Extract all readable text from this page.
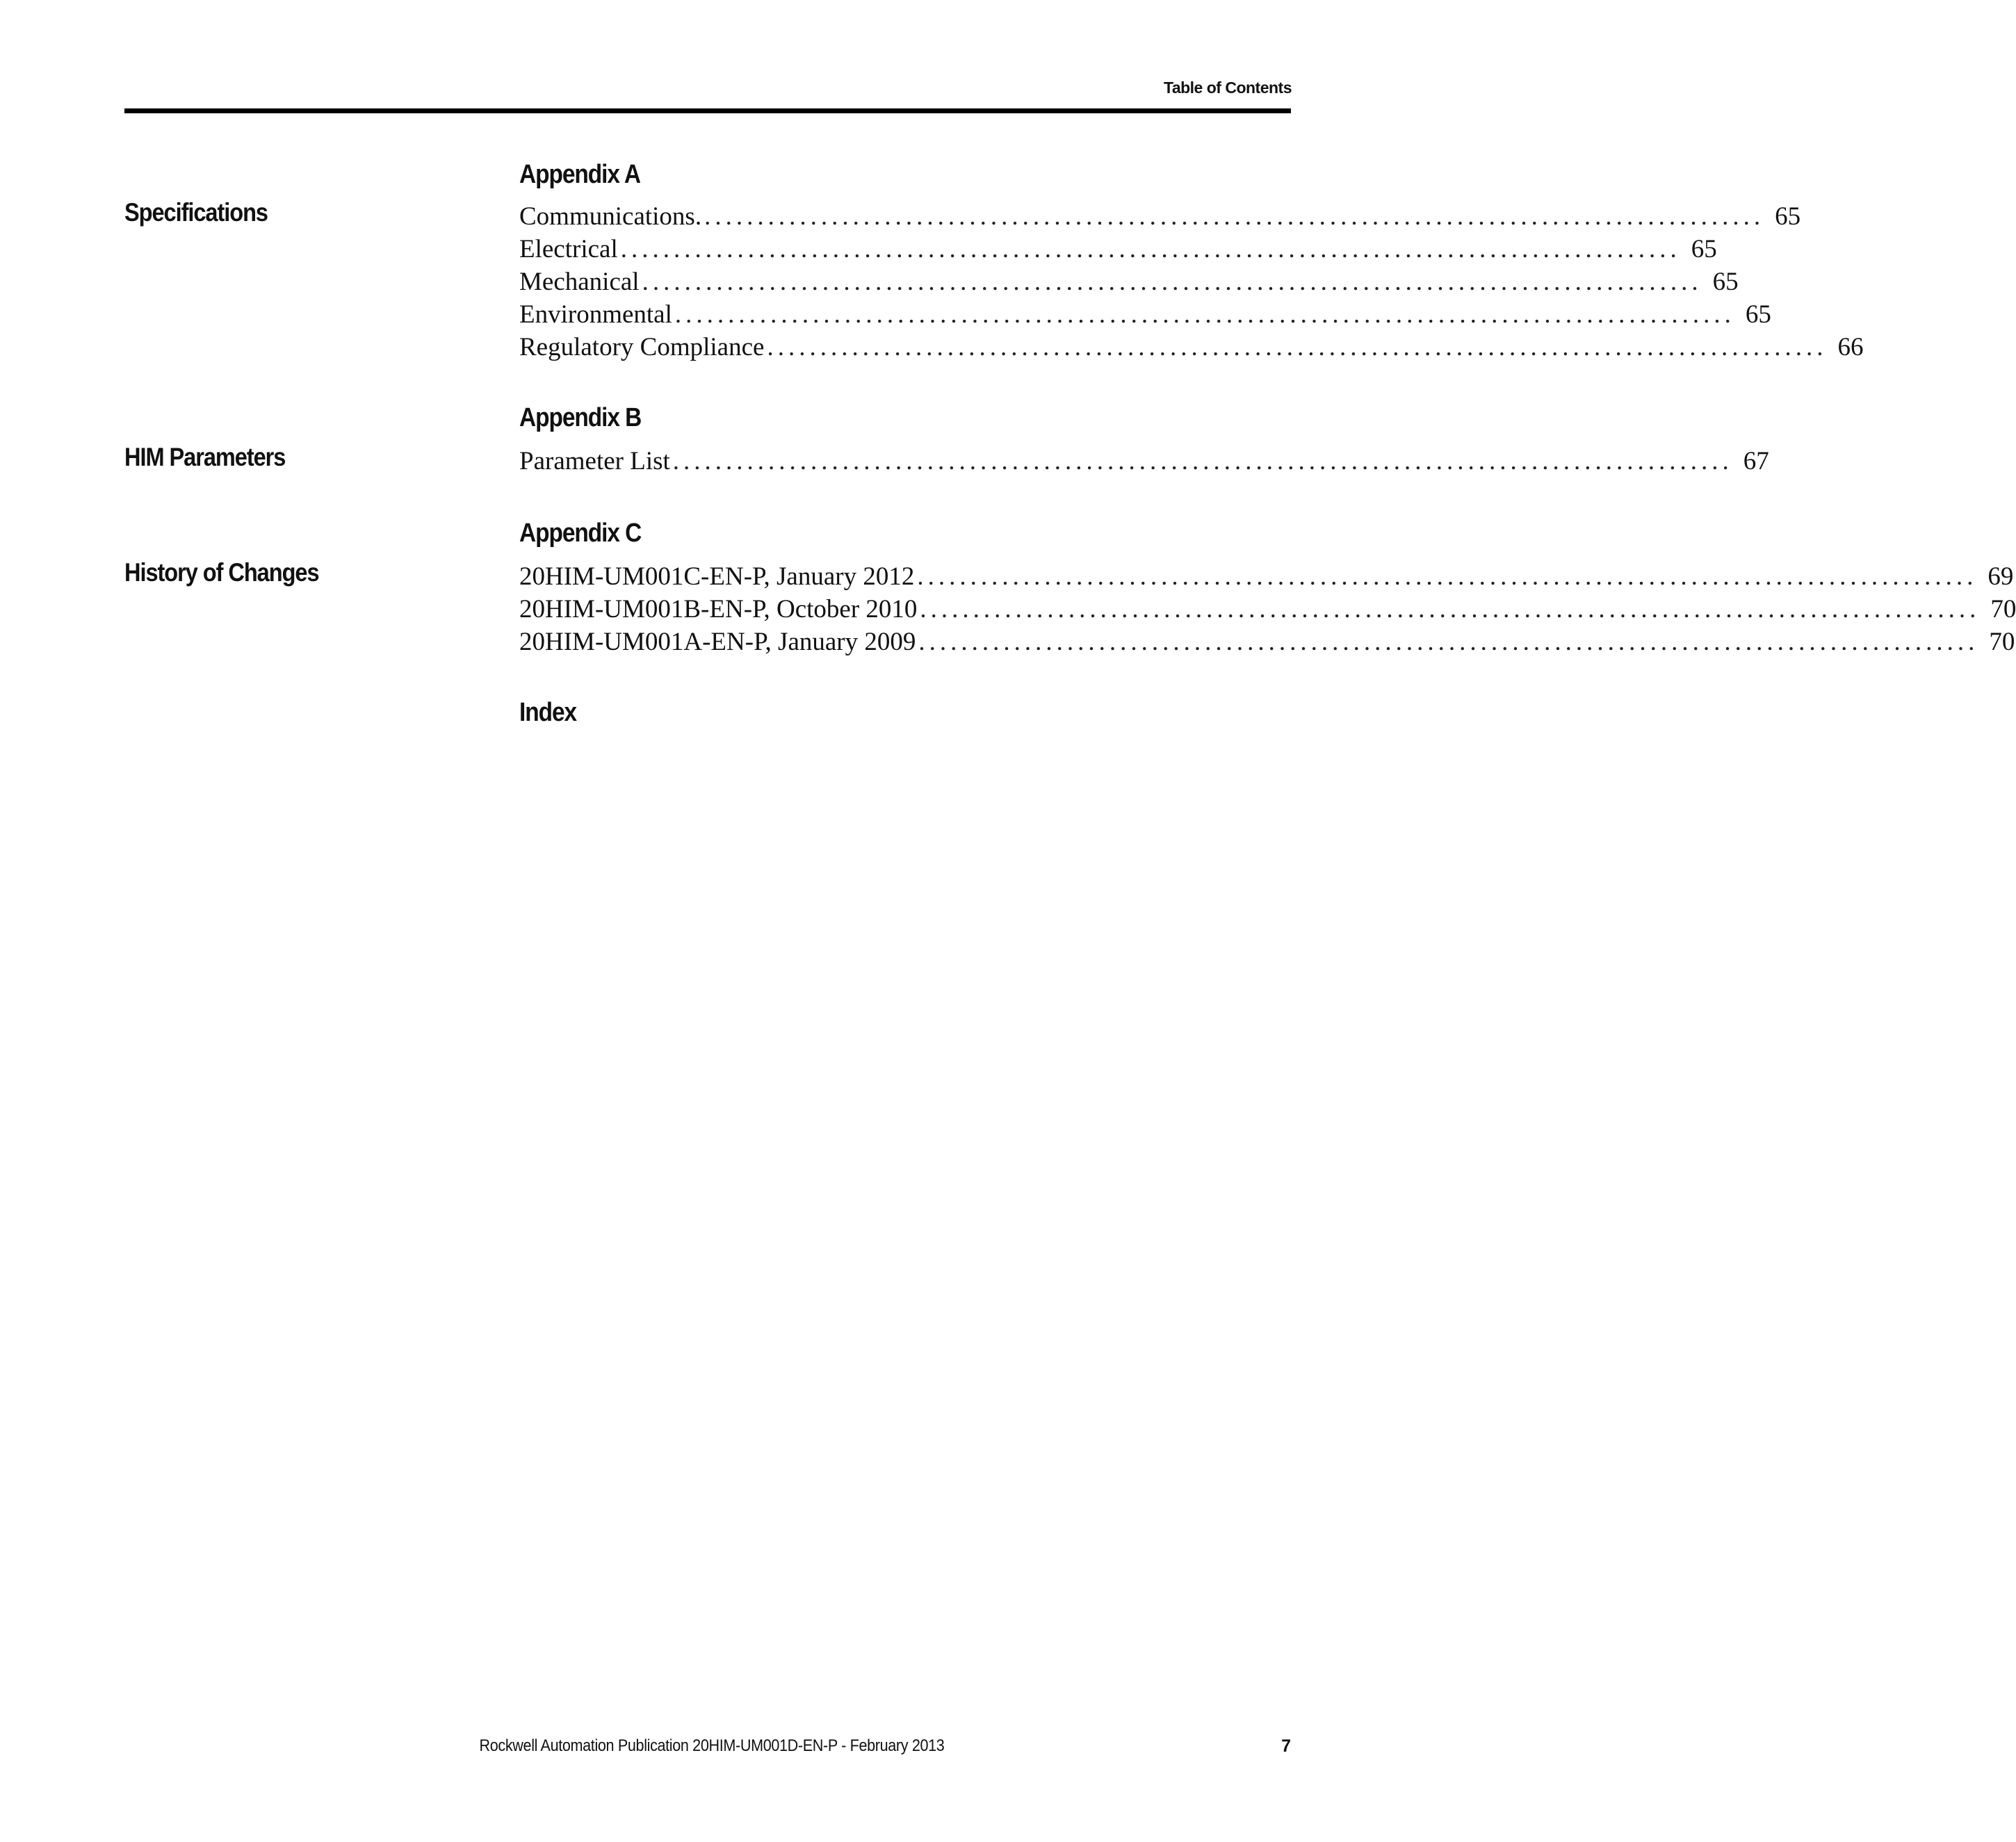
Table of Contents
Appendix A
Specifications	Communications. .................................................................................................... 65
Electrical .................................................................................................... 65
Mechanical .................................................................................................... 65
Environmental .................................................................................................... 65
Regulatory Compliance .................................................................................................... 66
Appendix B
HIM Parameters	Parameter List .................................................................................................... 67
Appendix C
History of Changes	20HIM-UM001C-EN-P, January 2012 .................................................................................................... 69
20HIM-UM001B-EN-P, October 2010 .................................................................................................... 70
20HIM-UM001A-EN-P, January 2009 .................................................................................................... 70
Index
Rockwell Automation Publication 20HIM-UM001D-EN-P - February 2013	7
